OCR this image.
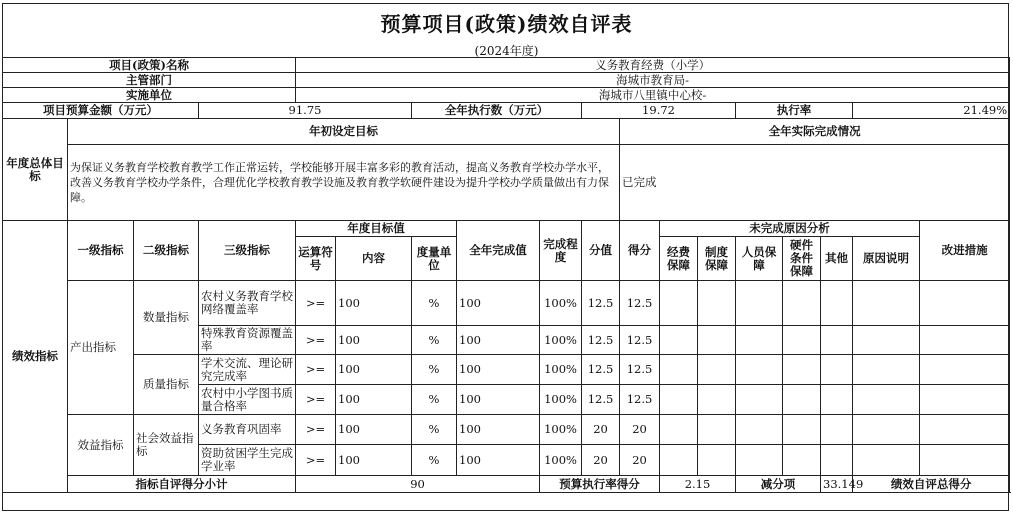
预算项目(政策)绩效自评表
(2024年度)
项目(政策)名称				义务教育经费（小学）														
主管部门				海城市教育局-														
实施单位				海城市八里镇中心校-														
项目预算金额（万元）			91.75			全年执行数（万元）			19.72				执行率			21.49%		
年度总体目标	年初设定目标									全年实际完成情况								
	为保证义务教育学校教育教学工作正常运转，学校能够开展丰富多彩的教育活动，提高义务教育学校办学水平，改善义务教育学校办学条件，合理优化学校教育教学设施及教育教学软硬件建设为提升学校办学质量做出有力保障。									已完成								
绩效指标	一级指标	二级指标	三级指标	年度目标值			全年完成值	完成程度	分值	得分	未完成原因分析						改进措施	
				运算符号	内容	度量单位					经费保障	制度保障	人员保障	硬件条件保障	其他	原因说明		
	产出指标	数量指标	农村义务教育学校网络覆盖率	>=	100	%	100	100%	12.5	12.5								
			特殊教育资源覆盖率	>=	100	%	100	100%	12.5	12.5								
		质量指标	学术交流、理论研究完成率	>=	100	%	100	100%	12.5	12.5								
			农村中小学图书质量合格率	>=	100	%	100	100%	12.5	12.5								
	效益指标	社会效益指标	义务教育巩固率	>=	100	%	100	100%	20	20								
			资助贫困学生完成学业率	>=	100	%	100	100%	20	20								
	指标自评得分小计			90				预算执行率得分			2.15		减分项		33.149	绩效自评总得分	
